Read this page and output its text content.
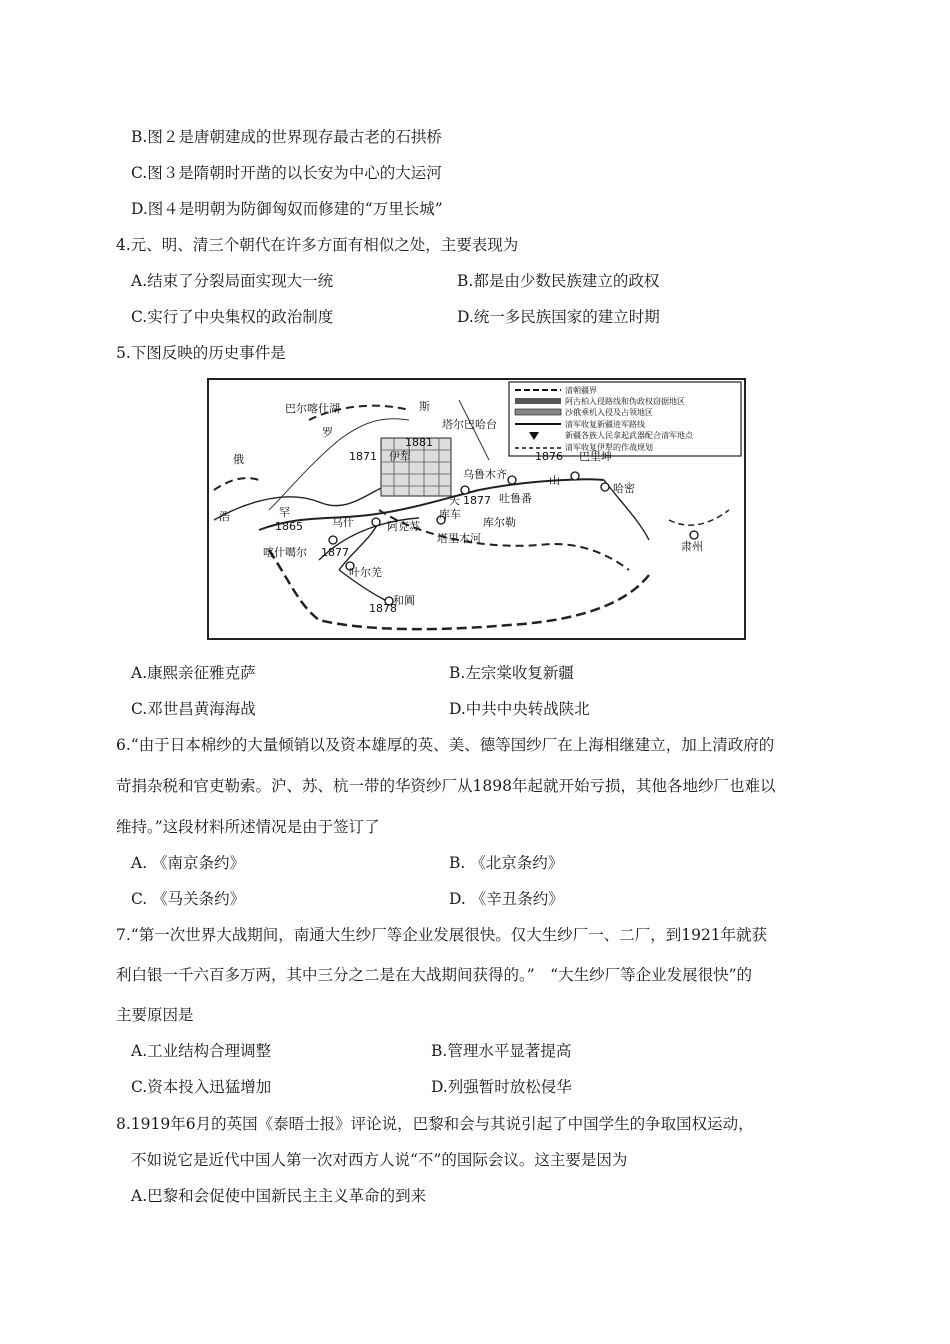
B.图２是唐朝建成的世界现存最古老的石拱桥
C.图３是隋朝时开凿的以长安为中心的大运河
D.图４是明朝为防御匈奴而修建的“万里长城”
4.元、明、清三个朝代在许多方面有相似之处，主要表现为
A.结束了分裂局面实现大一统	B.都是由少数民族建立的政权
C.实行了中央集权的政治制度	D.统一多民族国家的建立时期
5.下图反映的历史事件是
清朝疆界
阿古柏入侵路线和伪政权窃据地区
沙俄乘机入侵及占领地区
清军收复新疆进军路线
新疆各族人民拿起武器配合清军地点
清军收复伊犁的作战规划
巴尔喀什湖	斯
罗
俄
浩	罕
塔尔巴哈台
伊犁
乌鲁木齐
天
山
吐鲁番
巴里坤
哈密
喀什噶尔
乌什	阿克苏
库车
库尔勒
塔里木河
叶尔羌
和阗
肃州
1871
1881
1876
1877
1865
1877
1878
A.康熙亲征雅克萨	B.左宗棠收复新疆
C.邓世昌黄海海战	D.中共中央转战陕北
6.“由于日本棉纱的大量倾销以及资本雄厚的英、美、德等国纱厂在上海相继建立，加上清政府的
苛捐杂税和官吏勒索。沪、苏、杭一带的华资纱厂从1898年起就开始亏损，其他各地纱厂也难以
维持。”这段材料所述情况是由于签订了
A. 《南京条约》	B. 《北京条约》
C. 《马关条约》	D. 《辛丑条约》
7.“第一次世界大战期间，南通大生纱厂等企业发展很快。仅大生纱厂一、二厂，到1921年就获
利白银一千六百多万两，其中三分之二是在大战期间获得的。”　“大生纱厂等企业发展很快”的
主要原因是
A.工业结构合理调整	B.管理水平显著提高
C.资本投入迅猛增加	D.列强暂时放松侵华
8.1919年6月的英国《泰晤士报》评论说，巴黎和会与其说引起了中国学生的争取国权运动，
不如说它是近代中国人第一次对西方人说“不”的国际会议。这主要是因为
A.巴黎和会促使中国新民主主义革命的到来
